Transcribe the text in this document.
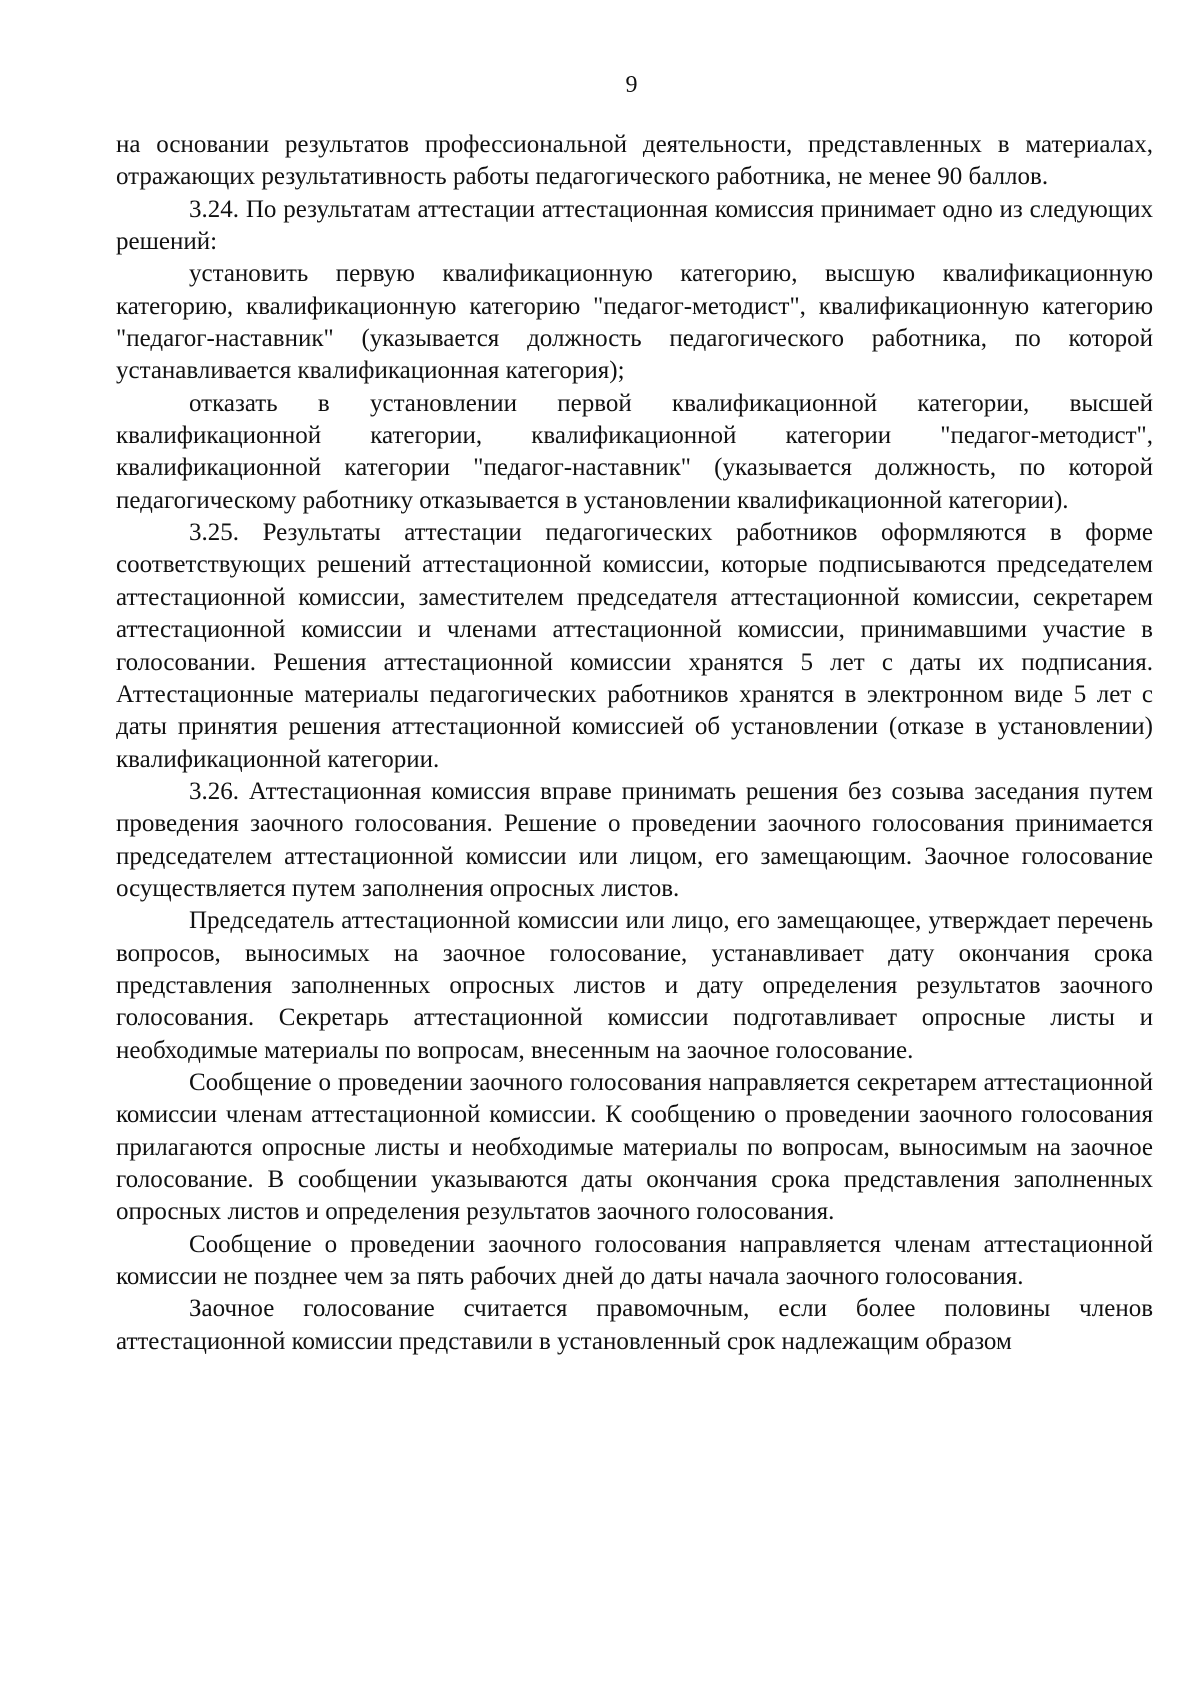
9

на основании результатов профессиональной деятельности, представленных в материалах, отражающих результативность работы педагогического работника, не менее 90 баллов.

3.24. По результатам аттестации аттестационная комиссия принимает одно из следующих решений:

установить первую квалификационную категорию, высшую квалификационную категорию, квалификационную категорию "педагог-методист", квалификационную категорию "педагог-наставник" (указывается должность педагогического работника, по которой устанавливается квалификационная категория);

отказать в установлении первой квалификационной категории, высшей квалификационной категории, квалификационной категории "педагог-методист", квалификационной категории "педагог-наставник" (указывается должность, по которой педагогическому работнику отказывается в установлении квалификационной категории).

3.25. Результаты аттестации педагогических работников оформляются в форме соответствующих решений аттестационной комиссии, которые подписываются председателем аттестационной комиссии, заместителем председателя аттестационной комиссии, секретарем аттестационной комиссии и членами аттестационной комиссии, принимавшими участие в голосовании. Решения аттестационной комиссии хранятся 5 лет с даты их подписания. Аттестационные материалы педагогических работников хранятся в электронном виде 5 лет с даты принятия решения аттестационной комиссией об установлении (отказе в установлении) квалификационной категории.

3.26. Аттестационная комиссия вправе принимать решения без созыва заседания путем проведения заочного голосования. Решение о проведении заочного голосования принимается председателем аттестационной комиссии или лицом, его замещающим. Заочное голосование осуществляется путем заполнения опросных листов.

Председатель аттестационной комиссии или лицо, его замещающее, утверждает перечень вопросов, выносимых на заочное голосование, устанавливает дату окончания срока представления заполненных опросных листов и дату определения результатов заочного голосования. Секретарь аттестационной комиссии подготавливает опросные листы и необходимые материалы по вопросам, внесенным на заочное голосование.

Сообщение о проведении заочного голосования направляется секретарем аттестационной комиссии членам аттестационной комиссии. К сообщению о проведении заочного голосования прилагаются опросные листы и необходимые материалы по вопросам, выносимым на заочное голосование. В сообщении указываются даты окончания срока представления заполненных опросных листов и определения результатов заочного голосования.

Сообщение о проведении заочного голосования направляется членам аттестационной комиссии не позднее чем за пять рабочих дней до даты начала заочного голосования.

Заочное голосование считается правомочным, если более половины членов аттестационной комиссии представили в установленный срок надлежащим образом
